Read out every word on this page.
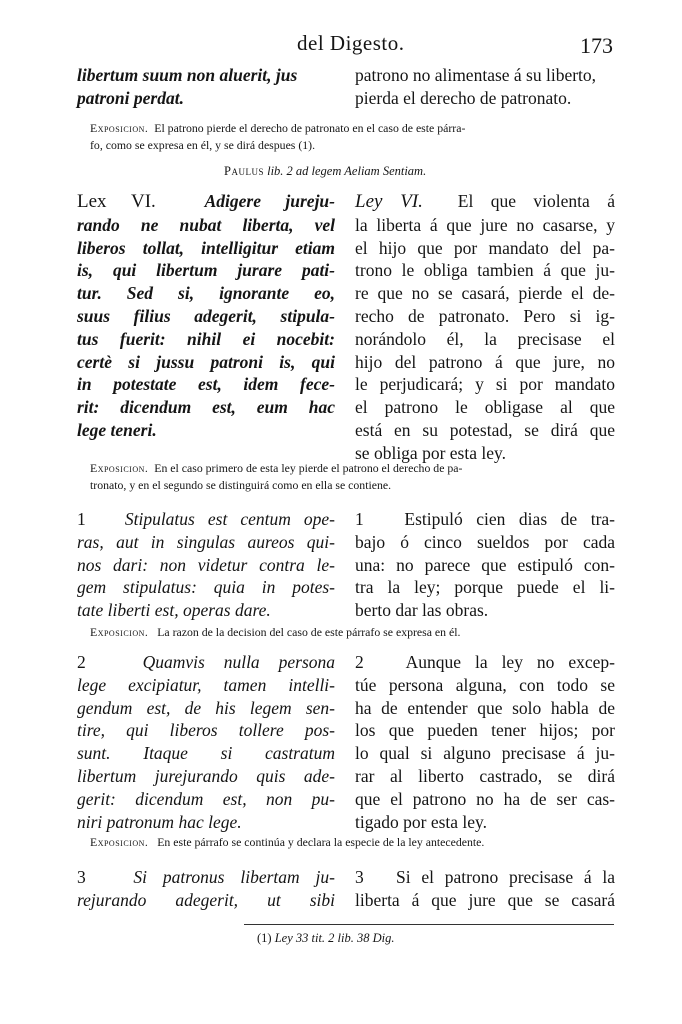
del Digesto.	173
libertum suum non aluerit, jus
patroni perdat.
patrono no alimentase á su liberto,
pierda el derecho de patronato.
Exposicion. El patrono pierde el derecho de patronato en el caso de este párra-
fo, como se expresa en él, y se dirá despues (1).
Paulus lib. 2 ad legem Aeliam Sentiam.
Lex VI.	Adigere jureju-
rando ne nubat liberta, vel
liberos tollat, intelligitur etiam
is, qui libertum jurare pati-
tur. Sed si, ignorante eo,
suus filius adegerit, stipula-
tus fuerit: nihil ei nocebit:
certè si jussu patroni is, qui
in potestate est, idem fece-
rit: dicendum est, eum hac
lege teneri.
Ley VI. El que violenta á
la liberta á que jure no casarse, y
el hijo que por mandato del pa-
trono le obliga tambien á que ju-
re que no se casará, pierde el de-
recho de patronato. Pero si ig-
norándolo él, la precisase el
hijo del patrono á que jure, no
le perjudicará; y si por mandato
el patrono le obligase al que
está en su potestad, se dirá que
se obliga por esta ley.
Exposicion. En el caso primero de esta ley pierde el patrono el derecho de pa-
tronato, y en el segundo se distinguirá como en ella se contiene.
1 Stipulatus est centum ope-
ras, aut in singulas aureos qui-
nos dari: non videtur contra le-
gem stipulatus: quia in potes-
tate liberti est, operas dare.
1 Estipuló cien dias de tra-
bajo ó cinco sueldos por cada
una: no parece que estipuló con-
tra la ley; porque puede el li-
berto dar las obras.
Exposicion. La razon de la decision del caso de este párrafo se expresa en él.
2	Quamvis nulla persona
lege excipiatur, tamen intelli-
gendum est, de his legem sen-
tire, qui liberos tollere pos-
sunt. Itaque si castratum
libertum jurejurando quis ade-
gerit: dicendum est, non pu-
niri patronum hac lege.
2 Aunque la ley no excep-
túe persona alguna, con todo se
ha de entender que solo habla de
los que pueden tener hijos; por
lo qual si alguno precisase á ju-
rar al liberto castrado, se dirá
que el patrono no ha de ser cas-
tigado por esta ley.
Exposicion. En este párrafo se continúa y declara la especie de la ley antecedente.
3	Si patronus libertam ju-
rejurando adegerit, ut sibi
3 Si el patrono precisase á la
liberta á que jure que se casará
(1) Ley 33 tit. 2 lib. 38 Dig.
